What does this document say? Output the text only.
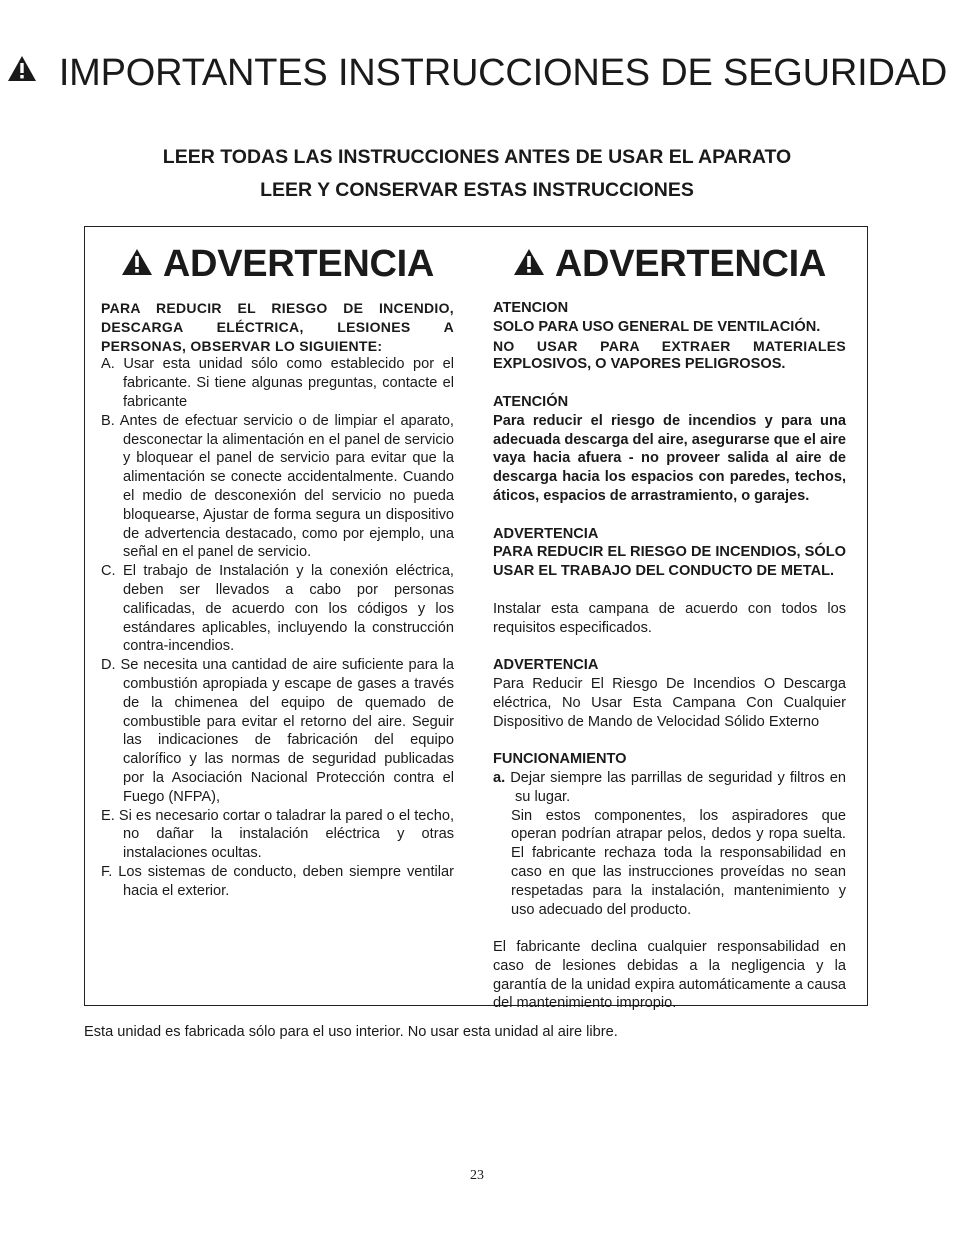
IMPORTANTES INSTRUCCIONES DE SEGURIDAD
LEER TODAS LAS INSTRUCCIONES ANTES DE USAR EL APARATO
LEER Y CONSERVAR ESTAS INSTRUCCIONES
ADVERTENCIA
PARA REDUCIR EL RIESGO DE INCENDIO, DESCARGA ELÉCTRICA, LESIONES A PERSONAS, OBSERVAR LO SIGUIENTE:
A. Usar esta unidad sólo como establecido por el fabricante. Si tiene algunas preguntas, contacte el fabricante
B. Antes de efectuar servicio o de limpiar el aparato, desconectar la alimentación en el panel de servicio y bloquear el panel de servicio para evitar que la alimentación se conecte accidentalmente. Cuando el medio de desconexión del servicio no pueda bloquearse, Ajustar de forma segura un dispositivo de advertencia destacado, como por ejemplo, una señal en el panel de servicio.
C. El trabajo de Instalación y la conexión eléctrica, deben ser llevados a cabo por personas calificadas, de acuerdo con los códigos y los estándares aplicables, incluyendo la construcción contra-incendios.
D. Se necesita una cantidad de aire suficiente para la combustión apropiada y escape de gases a través de la chimenea del equipo de quemado de combustible para evitar el retorno del aire. Seguir las indicaciones de fabricación del equipo calorífico y las normas de seguridad publicadas por la Asociación Nacional Protección contra el Fuego (NFPA),
E. Si es necesario cortar o taladrar la pared o el techo, no dañar la instalación eléctrica y otras instalaciones ocultas.
F. Los sistemas de conducto, deben siempre ventilar hacia el exterior.
ADVERTENCIA
ATENCION
SOLO PARA USO GENERAL DE VENTILACIÓN.
NO USAR PARA EXTRAER MATERIALES
EXPLOSIVOS, O VAPORES PELIGROSOS.
ATENCIÓN
Para reducir el riesgo de incendios y para una adecuada descarga del aire, asegurarse que el aire vaya hacia afuera - no proveer salida al aire de descarga hacia los espacios con paredes, techos, áticos, espacios de arrastramiento, o garajes.
ADVERTENCIA
PARA REDUCIR EL RIESGO DE INCENDIOS, SÓLO USAR EL TRABAJO DEL CONDUCTO DE METAL.
Instalar esta campana de acuerdo con todos los requisitos especificados.
ADVERTENCIA
Para Reducir El Riesgo De Incendios O Descarga eléctrica, No Usar Esta Campana Con Cualquier Dispositivo de Mando de Velocidad Sólido Externo
FUNCIONAMIENTO
a. Dejar siempre las parrillas de seguridad y filtros en su lugar.
Sin estos componentes, los aspiradores que operan podrían atrapar pelos, dedos y ropa suelta. El fabricante rechaza toda la responsabilidad en caso en que las instrucciones proveídas no sean respetadas para la instalación, mantenimiento y uso adecuado del producto.
El fabricante declina cualquier responsabilidad en caso de lesiones debidas a la negligencia y la garantía de la unidad expira automáticamente a causa del mantenimiento impropio.
Esta unidad es fabricada sólo para el uso interior. No usar esta unidad al aire libre.
23
